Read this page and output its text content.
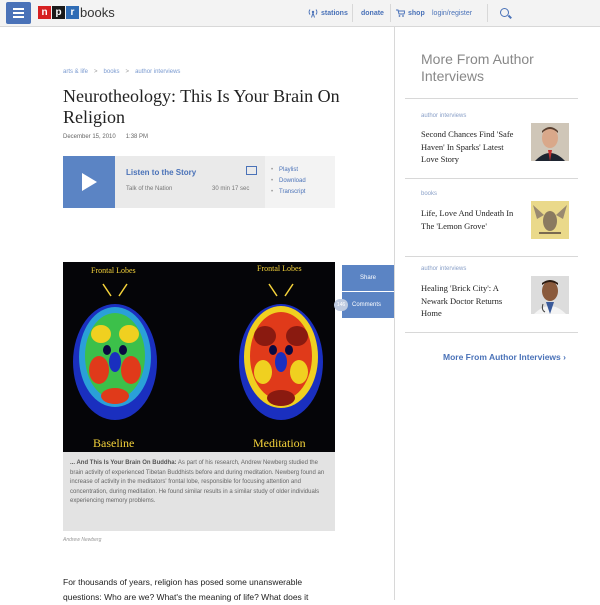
n p r books	stations donate	shop login/register
arts & life > books > author interviews
Neurotheology: This Is Your Brain On Religion
December 15, 2010 1:38 PM
Listen to the Story
Talk of the Nation	30 min 17 sec
• Playlist
• Download
• Transcript
Frontal Lobes	Frontal Lobes
Baseline	Meditation
Share
Comments
146
... And This Is Your Brain On Buddha: As part of his research, Andrew Newberg studied the brain activity of experienced Tibetan Buddhists before and during meditation. Newberg found an increase of activity in the meditators' frontal lobe, responsible for focusing attention and concentration, during meditation. He found similar results in a similar study of older individuals experiencing memory problems.
Andrew Newberg
For thousands of years, religion has posed some unanswerable questions: Who are we? What's the meaning of life? What does it
More From Author Interviews
author interviews
Second Chances Find 'Safe Haven' In Sparks' Latest Love Story
books
Life, Love And Undeath In The 'Lemon Grove'
author interviews
Healing 'Brick City': A Newark Doctor Returns Home
More From Author Interviews ›
